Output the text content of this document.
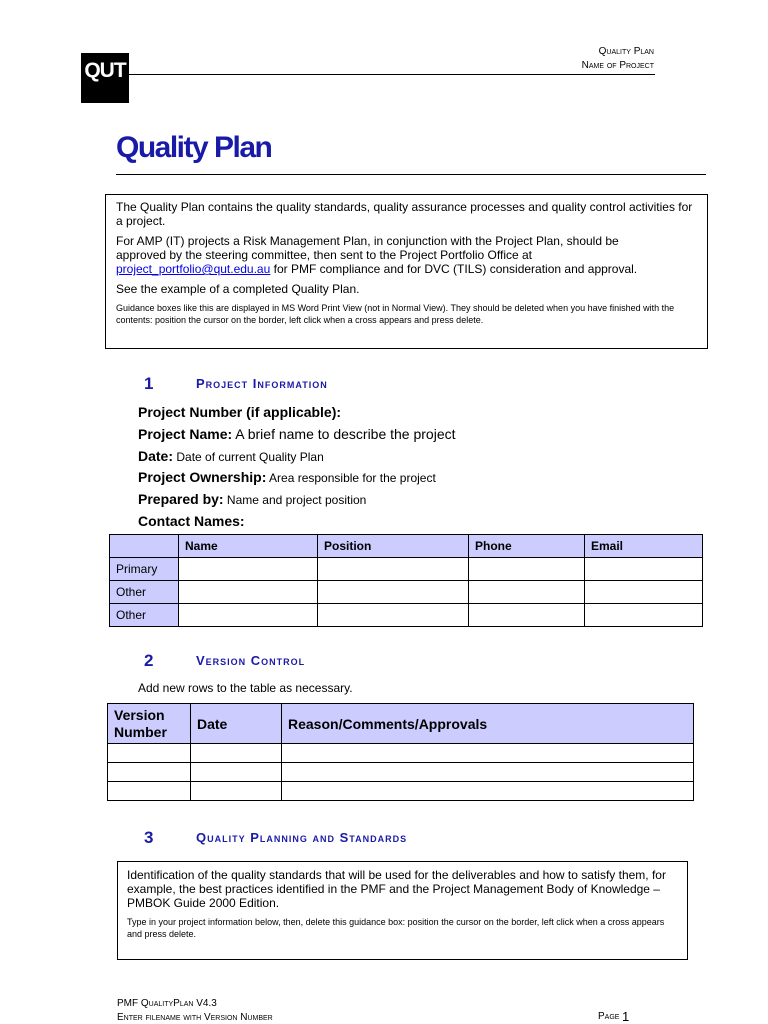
QUT
Quality Plan
Name of Project
Quality Plan

The Quality Plan contains the quality standards, quality assurance processes and quality control activities for a project.

For AMP (IT) projects a Risk Management Plan, in conjunction with the Project Plan, should be
approved by the steering committee, then sent to the Project Portfolio Office at
project_portfolio@qut.edu.au for PMF compliance and for DVC (TILS) consideration and approval.

See the example of a completed Quality Plan.

Guidance boxes like this are displayed in MS Word Print View (not in Normal View). They should be deleted when you have finished with the contents: position the cursor on the border, left click when a cross appears and press delete.

1	Project Information
Project Number (if applicable):
Project Name: A brief name to describe the project
Date: Date of current Quality Plan
Project Ownership: Area responsible for the project
Prepared by: Name and project position
Contact Names:
	Name	Position	Phone	Email
Primary				
Other				
Other				
2	Version Control
Add new rows to the table as necessary.
Version Number	Date	Reason/Comments/Approvals

3	Quality Planning and Standards

Identification of the quality standards that will be used for the deliverables and how to satisfy them, for example, the best practices identified in the PMF and the Project Management Body of Knowledge – PMBOK Guide 2000 Edition.

Type in your project information below, then, delete this guidance box: position the cursor on the border, left click when a cross appears and press delete.

PMF QualityPlan V4.3
Enter filename with Version Number	Page 1
